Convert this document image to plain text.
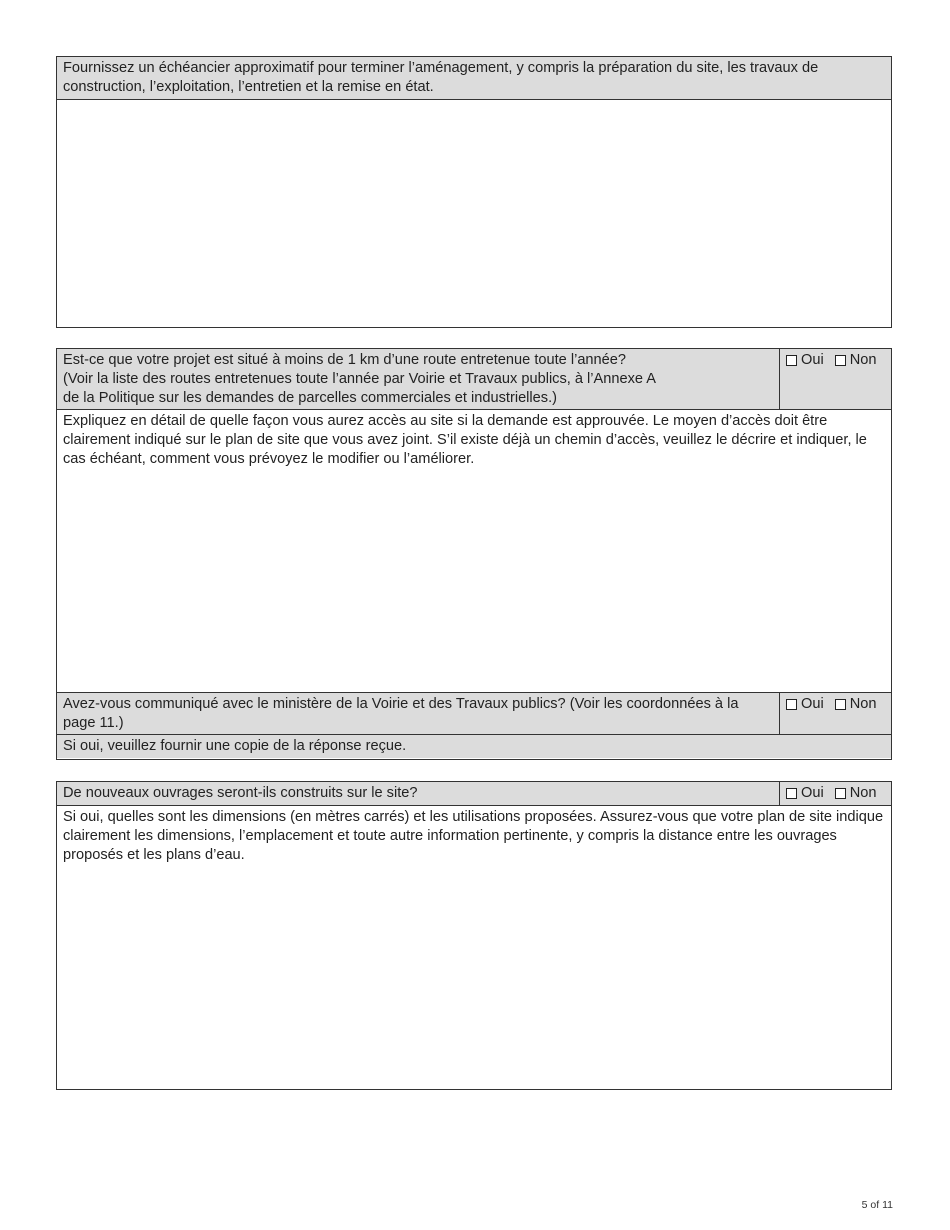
Fournissez un échéancier approximatif pour terminer l’aménagement, y compris la préparation du site, les travaux de construction, l’exploitation, l’entretien et la remise en état.
Est-ce que votre projet est situé à moins de 1 km d’une route entretenue toute l’année?
(Voir la liste des routes entretenues toute l’année par Voirie et Travaux publics, à l’Annexe A
de la Politique sur les demandes de parcelles commerciales et industrielles.)
Oui Non
Expliquez en détail de quelle façon vous aurez accès au site si la demande est approuvée. Le moyen d’accès doit être clairement indiqué sur le plan de site que vous avez joint. S’il existe déjà un chemin d’accès, veuillez le décrire et indiquer, le cas échéant, comment vous prévoyez le modifier ou l’améliorer.
Avez-vous communiqué avec le ministère de la Voirie et des Travaux publics? (Voir les coordonnées à la page 11.)
Oui Non
Si oui, veuillez fournir une copie de la réponse reçue.
De nouveaux ouvrages seront-ils construits sur le site?	Oui Non
Si oui, quelles sont les dimensions (en mètres carrés) et les utilisations proposées. Assurez-vous que votre plan de site indique clairement les dimensions, l’emplacement et toute autre information pertinente, y compris la distance entre les ouvrages proposés et les plans d’eau.
5 of 11
